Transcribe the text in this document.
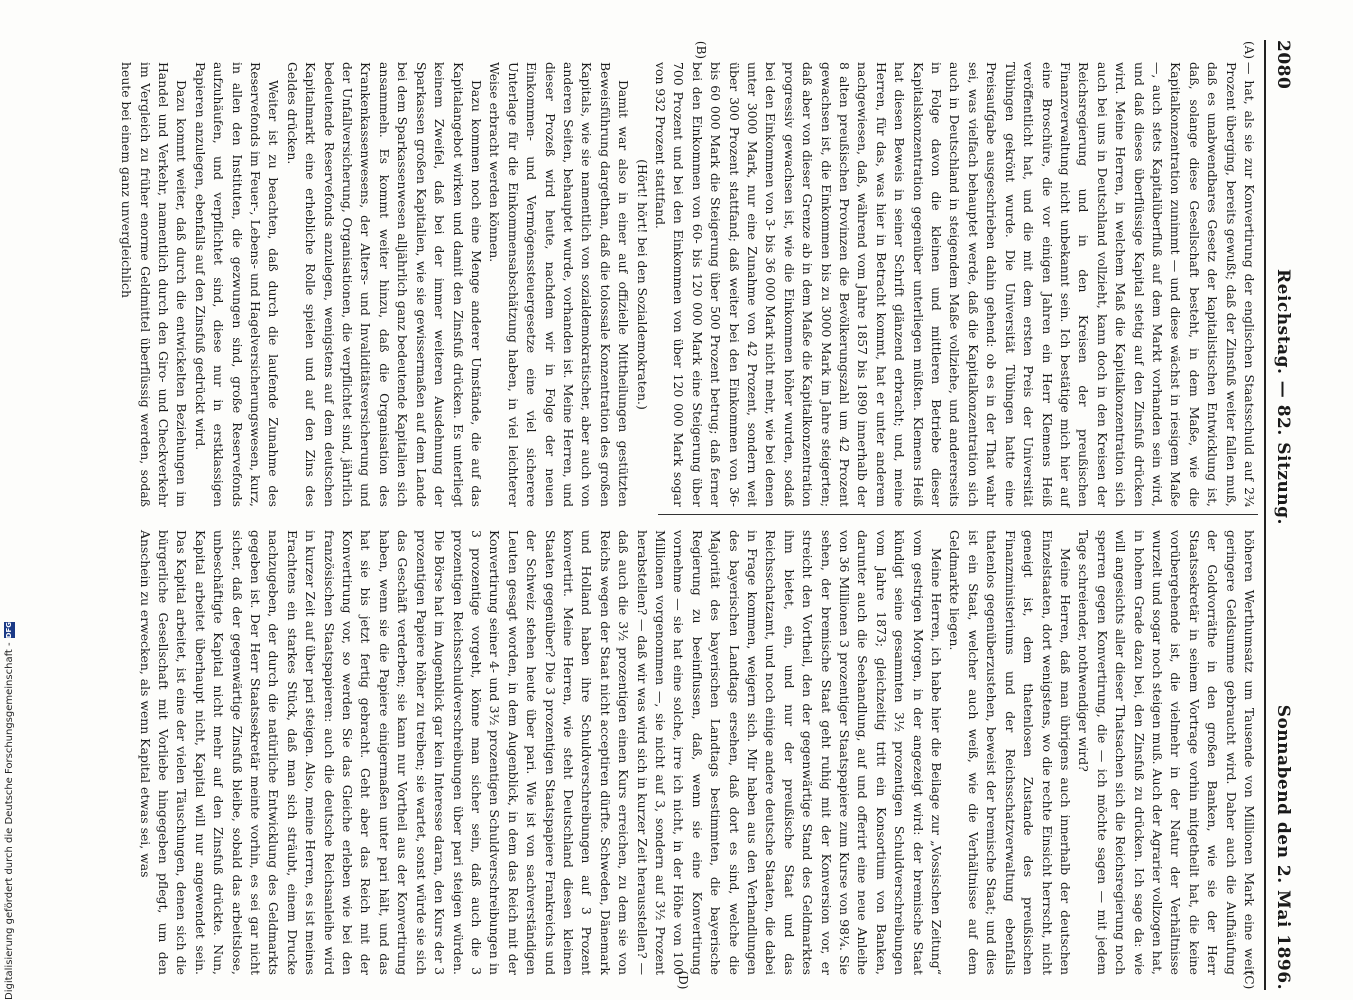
2080
Reichstag. — 82. Sitzung.
Sonnabend den 2. Mai 1896.
(A)
(B)
(C)
(D)

— hat, als sie zur Konvertirung der englischen Staatsschuld auf 2¾ Prozent überging, bereits gewußt; daß der Zinsfuß weiter fallen muß, daß es unabwendbares Gesetz der kapitalistischen Entwicklung ist, daß, solange diese Gesellschaft besteht, in dem Maße, wie die Kapitalkonzentration zunimmt — und diese wächst in riesigem Maße —, auch stets Kapitalüberfluß auf dem Markt vorhanden sein wird, und daß dieses überflüssige Kapital stetig auf den Zinsfuß drücken wird. Meine Herren, in welchem Maß die Kapitalkonzentration sich auch bei uns in Deutschland vollzieht, kann doch in den Kreisen der Reichsregierung und in den Kreisen der preußischen Finanzverwaltung nicht unbekannt sein. Ich bestätige mich hier auf eine Broschüre, die vor einigen Jahren ein Herr Klemens Heiß veröffentlicht hat, und die mit dem ersten Preis der Universität Tübingen gekrönt wurde. Die Universität Tübingen hatte eine Preisaufgabe ausgeschrieben dahin gehend: ob es in der That wahr sei, was vielfach behauptet werde, daß die Kapitalkonzentration sich auch in Deutschland in steigendem Maße vollziehe, und andererseits in Folge davon die kleinen und mittleren Betriebe dieser Kapitalskonzentration gegenüber unterliegen müßten. Klemens Heiß hat diesen Beweis in seiner Schrift glänzend erbracht; und, meine Herren, für das, was hier in Betracht kommt, hat er unter anderem nachgewiesen, daß, während vom Jahre 1857 bis 1890 innerhalb der 8 alten preußischen Provinzen die Bevölkerungszahl um 42 Prozent gewachsen ist, die Einkommen bis zu 3000 Mark im Jahre steigerten; daß aber von dieser Grenze ab in dem Maße die Kapitalkonzentration progressiv gewachsen ist, wie die Einkommen höher wurden, sodaß bei den Einkommen von 3- bis 36 000 Mark nicht mehr, wie bei denen unter 3000 Mark, nur eine Zunahme von 42 Prozent, sondern weit über 300 Prozent stattfand; daß weiter bei den Einkommen von 36- bis 60 000 Mark die Steigerung über 500 Prozent betrug; daß ferner bei den Einkommen von 60- bis 120 000 Mark eine Steigerung über 700 Prozent und bei den Einkommen von über 120 000 Mark sogar von 932 Prozent stattfand.

(Hört! hört! bei den Sozialdemokraten.)

Damit war also in einer auf offizielle Mittheilungen gestützten Beweisführung dargethan, daß die tolossale Konzentration des großen Kapitals, wie sie namentlich von sozialdemokratischer, aber auch von anderen Seiten, behauptet wurde, vorhanden ist. Meine Herren, und dieser Prozeß wird heute, nachdem wir in Folge der neuen Einkommen- und Vermögenssteuergesetze eine viel sicherere Unterlage für die Einkommensabschätzung haben, in viel leichterer Weise erbracht werden können.

Dazu kommen noch eine Menge anderer Umstände, die auf das Kapitalangebot wirken und damit den Zinsfuß drücken. Es unterliegt keinem Zweifel, daß bei der immer weiteren Ausdehnung der Sparkassen großen Kapitalien, wie sie gewissermaßen auf dem Lande bei dem Sparkassenwesen alljährlich ganz bedeutende Kapitalien sich ansammeln. Es kommt weiter hinzu, daß die Organisation des Krankenkassenwesens, der Alters- und Invaliditätsversicherung und der Unfallversicherung, Organisationen, die verpflichtet sind, jährlich bedeutende Reservefonds anzulegen, wenigstens auf dem deutschen Kapitalmarkt eine erhebliche Rolle spielen und auf den Zins des Geldes drücken.

Weiter ist zu beachten, daß durch die laufende Zunahme des Reservefonds im Feuer-, Lebens- und Hagelversicherungswesen, kurz, in allen den Instituten, die gezwungen sind, große Reservefonds aufzuhäufen, und verpflichtet sind, diese nur in erstklassigen Papieren anzulegen, ebenfalls auf den Zinsfuß gedrückt wird.

Dazu kommt weiter, daß durch die entwickelten Beziehungen im Handel und Verkehr, namentlich durch den Giro- und Checkverkehr im Vergleich zu früher enorme Geldmittel überflüssig werden, sodaß heute bei einem ganz unvergleichlich

höheren Werthumsatz um Tausende von Millionen Mark eine weit geringere Geldsumme gebraucht wird. Daher auch die Aufhäufung der Goldvorräthe in den großen Banken, wie sie der Herr Staatssekretär in seinem Vortrage vorhin mitgetheilt hat, die keine vorübergehende ist, die vielmehr in der Natur der Verhältnisse wurzelt und sogar noch steigen muß. Auch der Agrarier vollzogen hat, in hohem Grade dazu bei, den Zinsfuß zu drücken. Ich sage da: wie will angesichts aller dieser Thatsachen sich die Reichsregierung noch sperren gegen Konvertirung, die — ich möchte sagen — mit jedem Tage schreiender, nothwendiger wird?

Meine Herren, daß man übrigens auch innerhalb der deutschen Einzelstaaten, dort wenigstens, wo die rechte Einsicht herrscht, nicht geneigt ist, dem thatenlosen Zustande des preußischen Finanzministeriums und der Reichsschatzverwaltung ebenfalls thatenlos gegenüberzustehen, beweist der bremische Staat; und dies ist ein Staat, welcher auch weiß, wie die Verhältnisse auf dem Geldmarkte liegen.

Meine Herren, ich habe hier die Beilage zur „Vossischen Zeitung“ vom gestrigen Morgen, in der angezeigt wird: der bremische Staat kündigt seine gesammten 3½ prozentigen Schuldverschreibungen vom Jahre 1873; gleichzeitig tritt ein Konsortium von Banken, darunter auch die Seehandlung, auf und offerirt eine neue Anleihe von 36 Millionen 3 prozentiger Staatspapiere zum Kurse von 98¼. Sie sehen, der bremische Staat geht ruhig mit der Konversion vor, er streicht den Vortheil, den der gegenwärtige Stand des Geldmarktes ihm bietet, ein, und nur der preußische Staat und das Reichsschatzamt, und noch einige andere deutsche Staaten, die dabei in Frage kommen, weigern sich. Mir haben aus den Verhandlungen des bayerischen Landtags ersehen, daß dort es sind, welche die Majorität des bayerischen Landtags bestimmten, die bayerische Regierung zu beeinflussen, daß, wenn sie eine Konvertirung vornehme — sie hat eine solche, irre ich nicht, in der Höhe von 100 Millionen vorgenommen —, sie nicht auf 3, sondern auf 3½ Prozent herabstellen? — daß wir was wird sich in kurzer Zeit herausstellen? — daß auch die 3½ prozentigen einen Kurs erreichen, zu dem sie von Reichs wegen der Staat nicht acceptiren dürfte. Schweden, Dänemark und Holland haben ihre Schuldverschreibungen auf 3 Prozent konvertirt. Meine Herren, wie steht Deutschland diesen kleinen Staaten gegenüber? Die 3 prozentigen Staatspapiere Frankreichs und der Schweiz stehen heute über pari. Wie ist von sachverständigen Leuten gesagt worden, in dem Augenblick, in dem das Reich mit der Konvertirung seiner 4- und 3½ prozentigen Schuldverschreibungen in 3 prozentige vorgeht, könne man sicher sein, daß auch die 3 prozentigen Reichsschuldverschreibungen über pari steigen würden. Die Börse hat im Augenblick gar kein Interesse daran, den Kurs der 3 prozentigen Papiere höher zu treiben; sie wartet, sonst würde sie sich das Geschäft verderben; sie kann nur Vortheil aus der Konvertirung haben, wenn sie die Papiere einigermaßen unter pari hält, und das hat sie bis jetzt fertig gebracht. Geht aber das Reich mit der Konvertirung vor, so werden Sie das Gleiche erleben wie bei den französischen Staatspapieren: auch die deutsche Reichsanleihe wird in kurzer Zeit auf über pari steigen. Also, meine Herren, es ist meines Erachtens ein starkes Stück, daß man sich sträubt, einem Drucke nachzugeben, der durch die natürliche Entwicklung des Geldmarkts gegeben ist. Der Herr Staatssekretär meinte vorhin, es sei gar nicht sicher, daß der gegenwärtige Zinsfuß bleibe, sobald das arbeitslose, unbeschäftigte Kapital nicht mehr auf den Zinsfuß drückte. Nun, Kapital arbeitet überhaupt nicht, Kapital will nur angewendet sein. Das Kapital arbeitet, ist eine der vielen Täuschungen, denen sich die bürgerliche Gesellschaft mit Vorliebe hingegeben pflegt, um den Anschein zu erwecken, als wenn Kapital etwas sei, was

Digitalisierung gefördert durch die Deutsche Forschungsgemeinschaft -
DFG
